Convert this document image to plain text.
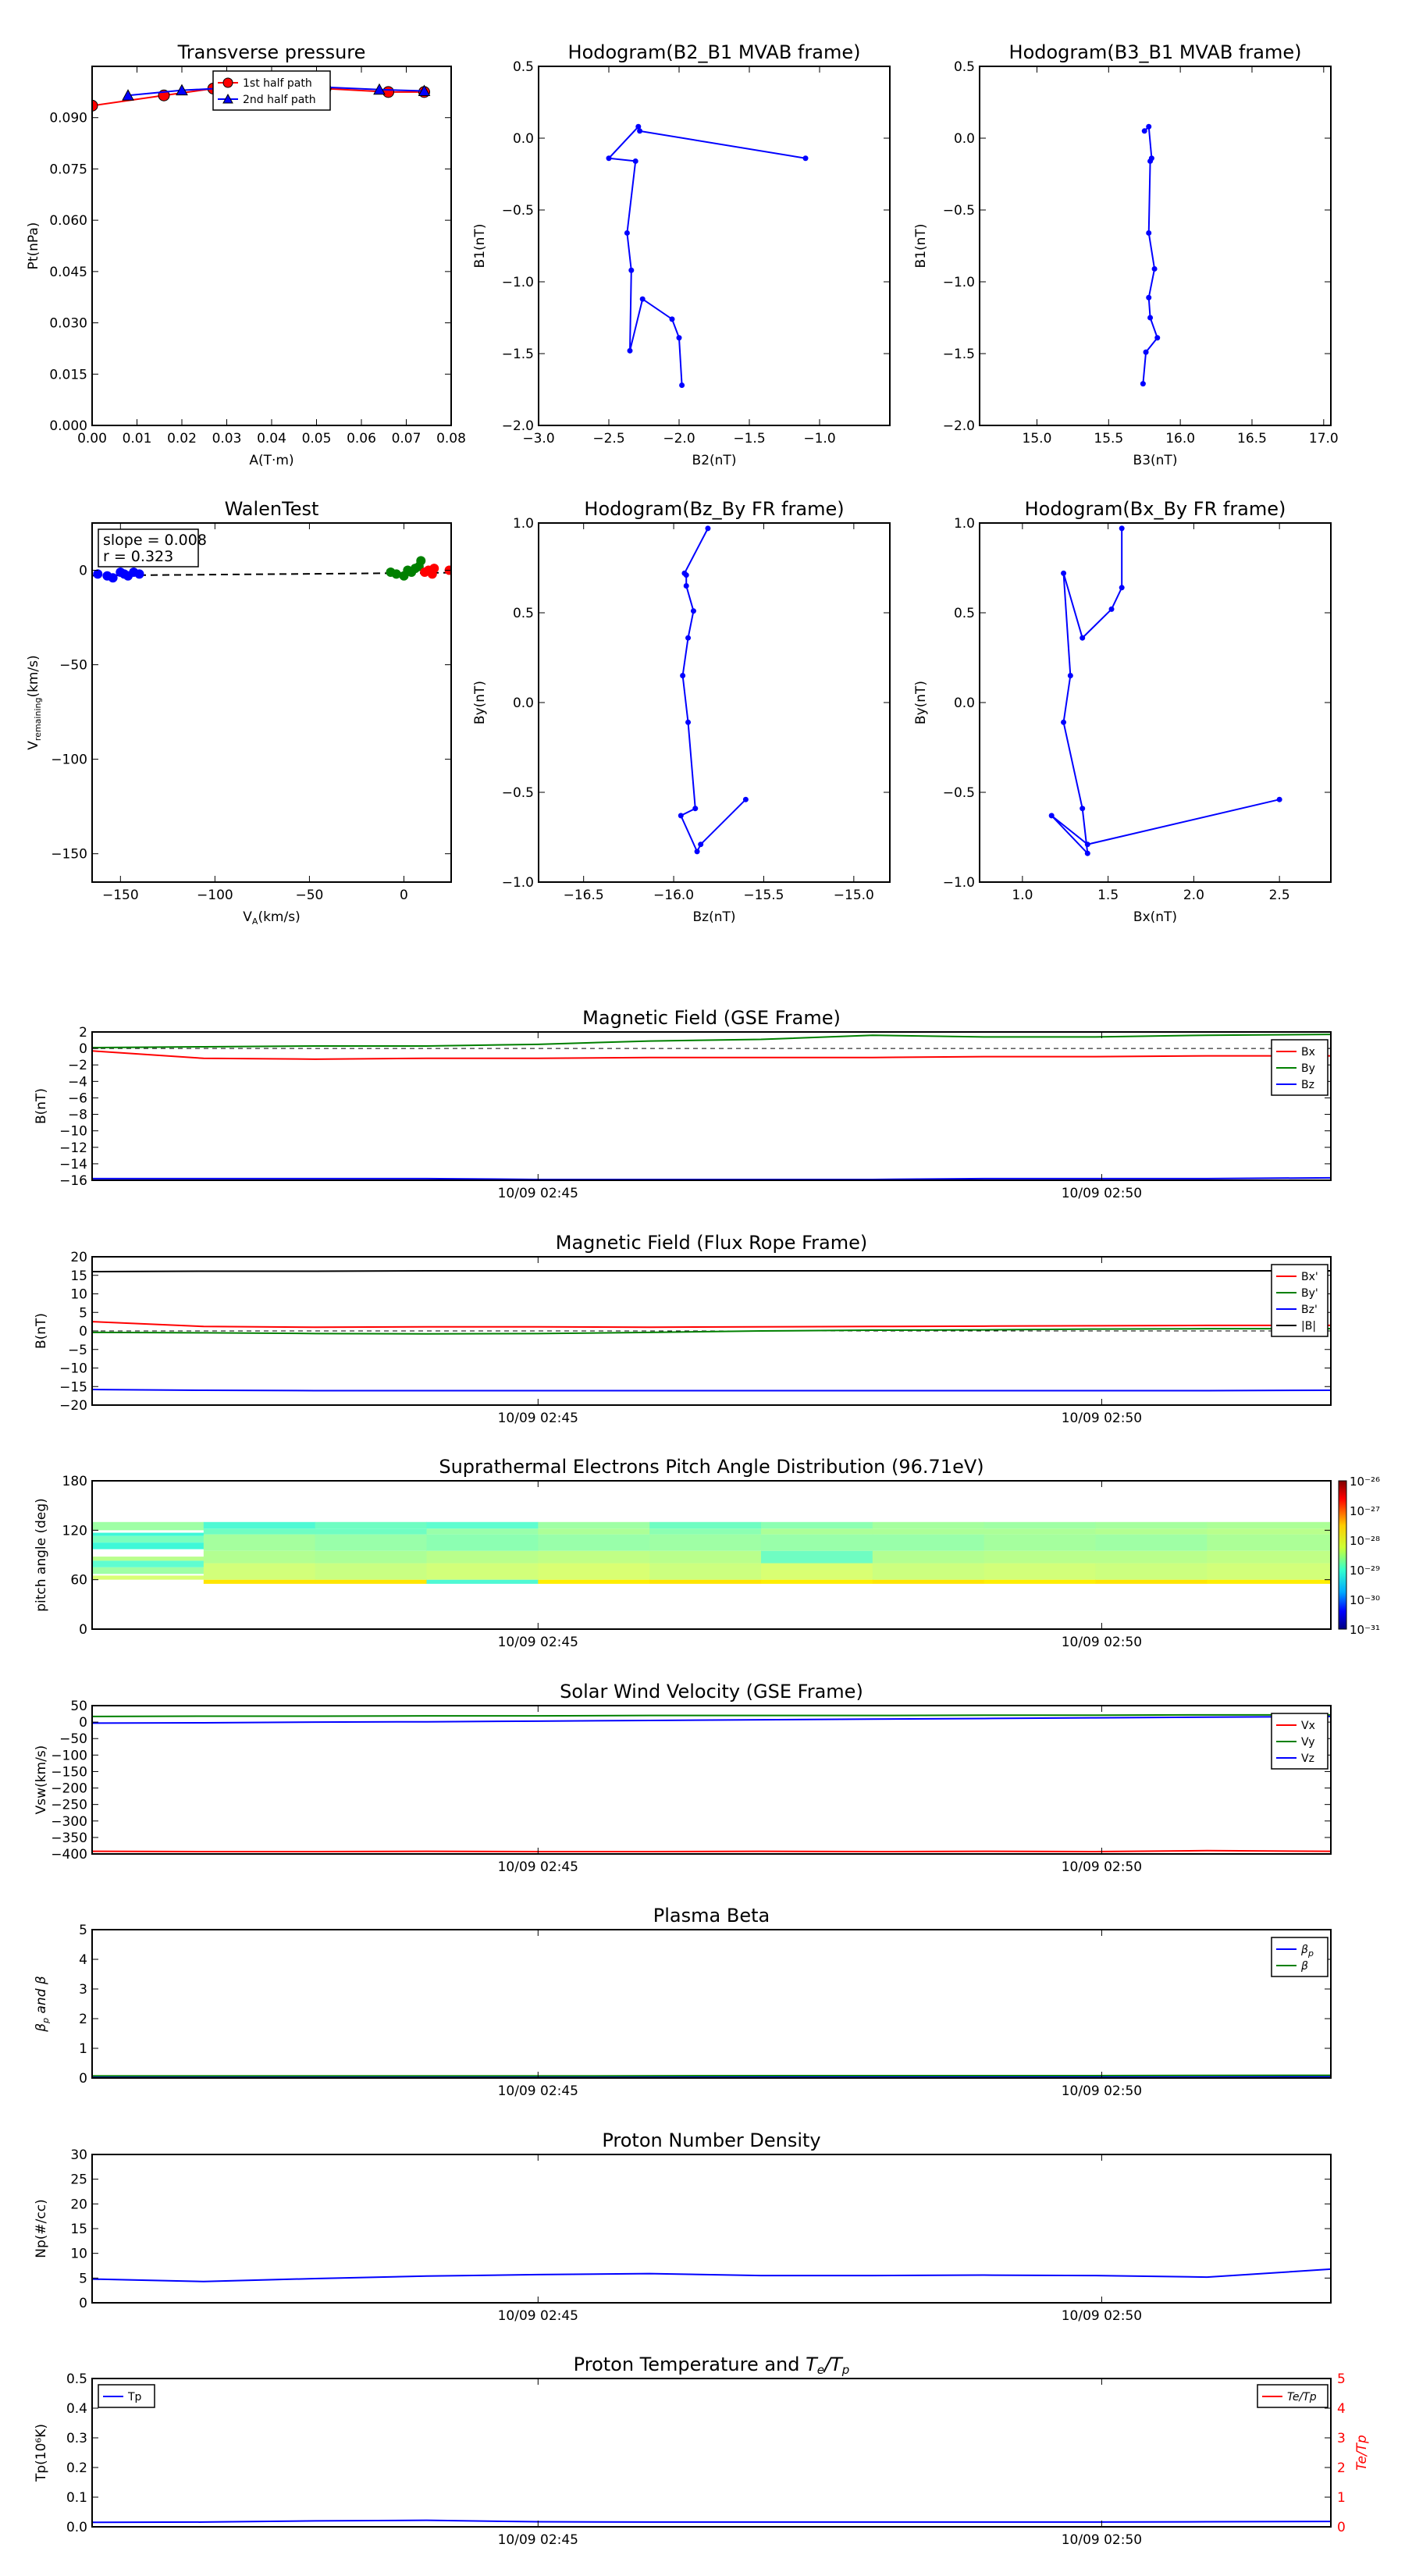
Transverse pressure
0.00 0.01 0.02 0.03 0.04 0.05 0.06 0.07 0.08
0.000
0.015
0.030
0.045
0.060
0.075
0.090
A(T·m)
Pt(nPa)
1st half path
2nd half path
Hodogram(B2_B1 MVAB frame)
−3.0	−2.5	−2.0	−1.5	−1.0
−2.0
−1.5
−1.0
−0.5
0.0
0.5
B2(nT)
B1(nT)
Hodogram(B3_B1 MVAB frame)
15.0	15.5	16.0	16.5	17.0
−2.0
−1.5
−1.0
−0.5
0.0
0.5
B3(nT)
B1(nT)
WalenTest
−150	−100	−50	0
−150
−100
−50
0
$V_A(km/s)$
$V_{remaining}(km/s)$
slope = 0.008
r = 0.323
Hodogram(Bz_By FR frame)
−16.5	−16.0	−15.5	−15.0
−1.0
−0.5
0.0
0.5
1.0
Bz(nT)
By(nT)
Hodogram(Bx_By FR frame)
1.0	1.5	2.0	2.5
−1.0
−0.5
0.0
0.5
1.0
Bx(nT)
By(nT)
Magnetic Field (GSE Frame)
10/09 02:45	10/09 02:50
2
0
−2
−4
−6
−8
−10
−12
−14
−16
B(nT)
Bx
By
Bz
Magnetic Field (Flux Rope Frame)
10/09 02:45	10/09 02:50
20
15
10
5
0
−5
−10
−15
−20
B(nT)
Bx'
By'
Bz'
|B|
Suprathermal Electrons Pitch Angle Distribution (96.71eV)
10/09 02:45	10/09 02:50
0
60
120
180
pitch angle (deg)
10⁻²⁶
10⁻²⁷
10⁻²⁸
10⁻²⁹
10⁻³⁰
10⁻³¹
Solar Wind Velocity (GSE Frame)
10/09 02:45	10/09 02:50
50
0
−50
−100
−150
−200
−250
−300
−350
−400
Vsw(km/s)
Vx
Vy
Vz
Plasma Beta
10/09 02:45	10/09 02:50
0
1
2
3
4
5
$\beta_p$ and β
$\beta_p$
β
Proton Number Density
10/09 02:45	10/09 02:50
0
5
10
15
20
25
30
Np(#/cc)
Proton Temperature and Te/Tp
10/09 02:45	10/09 02:50
0.0
0.1
0.2
0.3
0.4
0.5
0
1
2
3
4
5
Te/Tp
Tp(10⁶K)
Tp	Te/Tp
